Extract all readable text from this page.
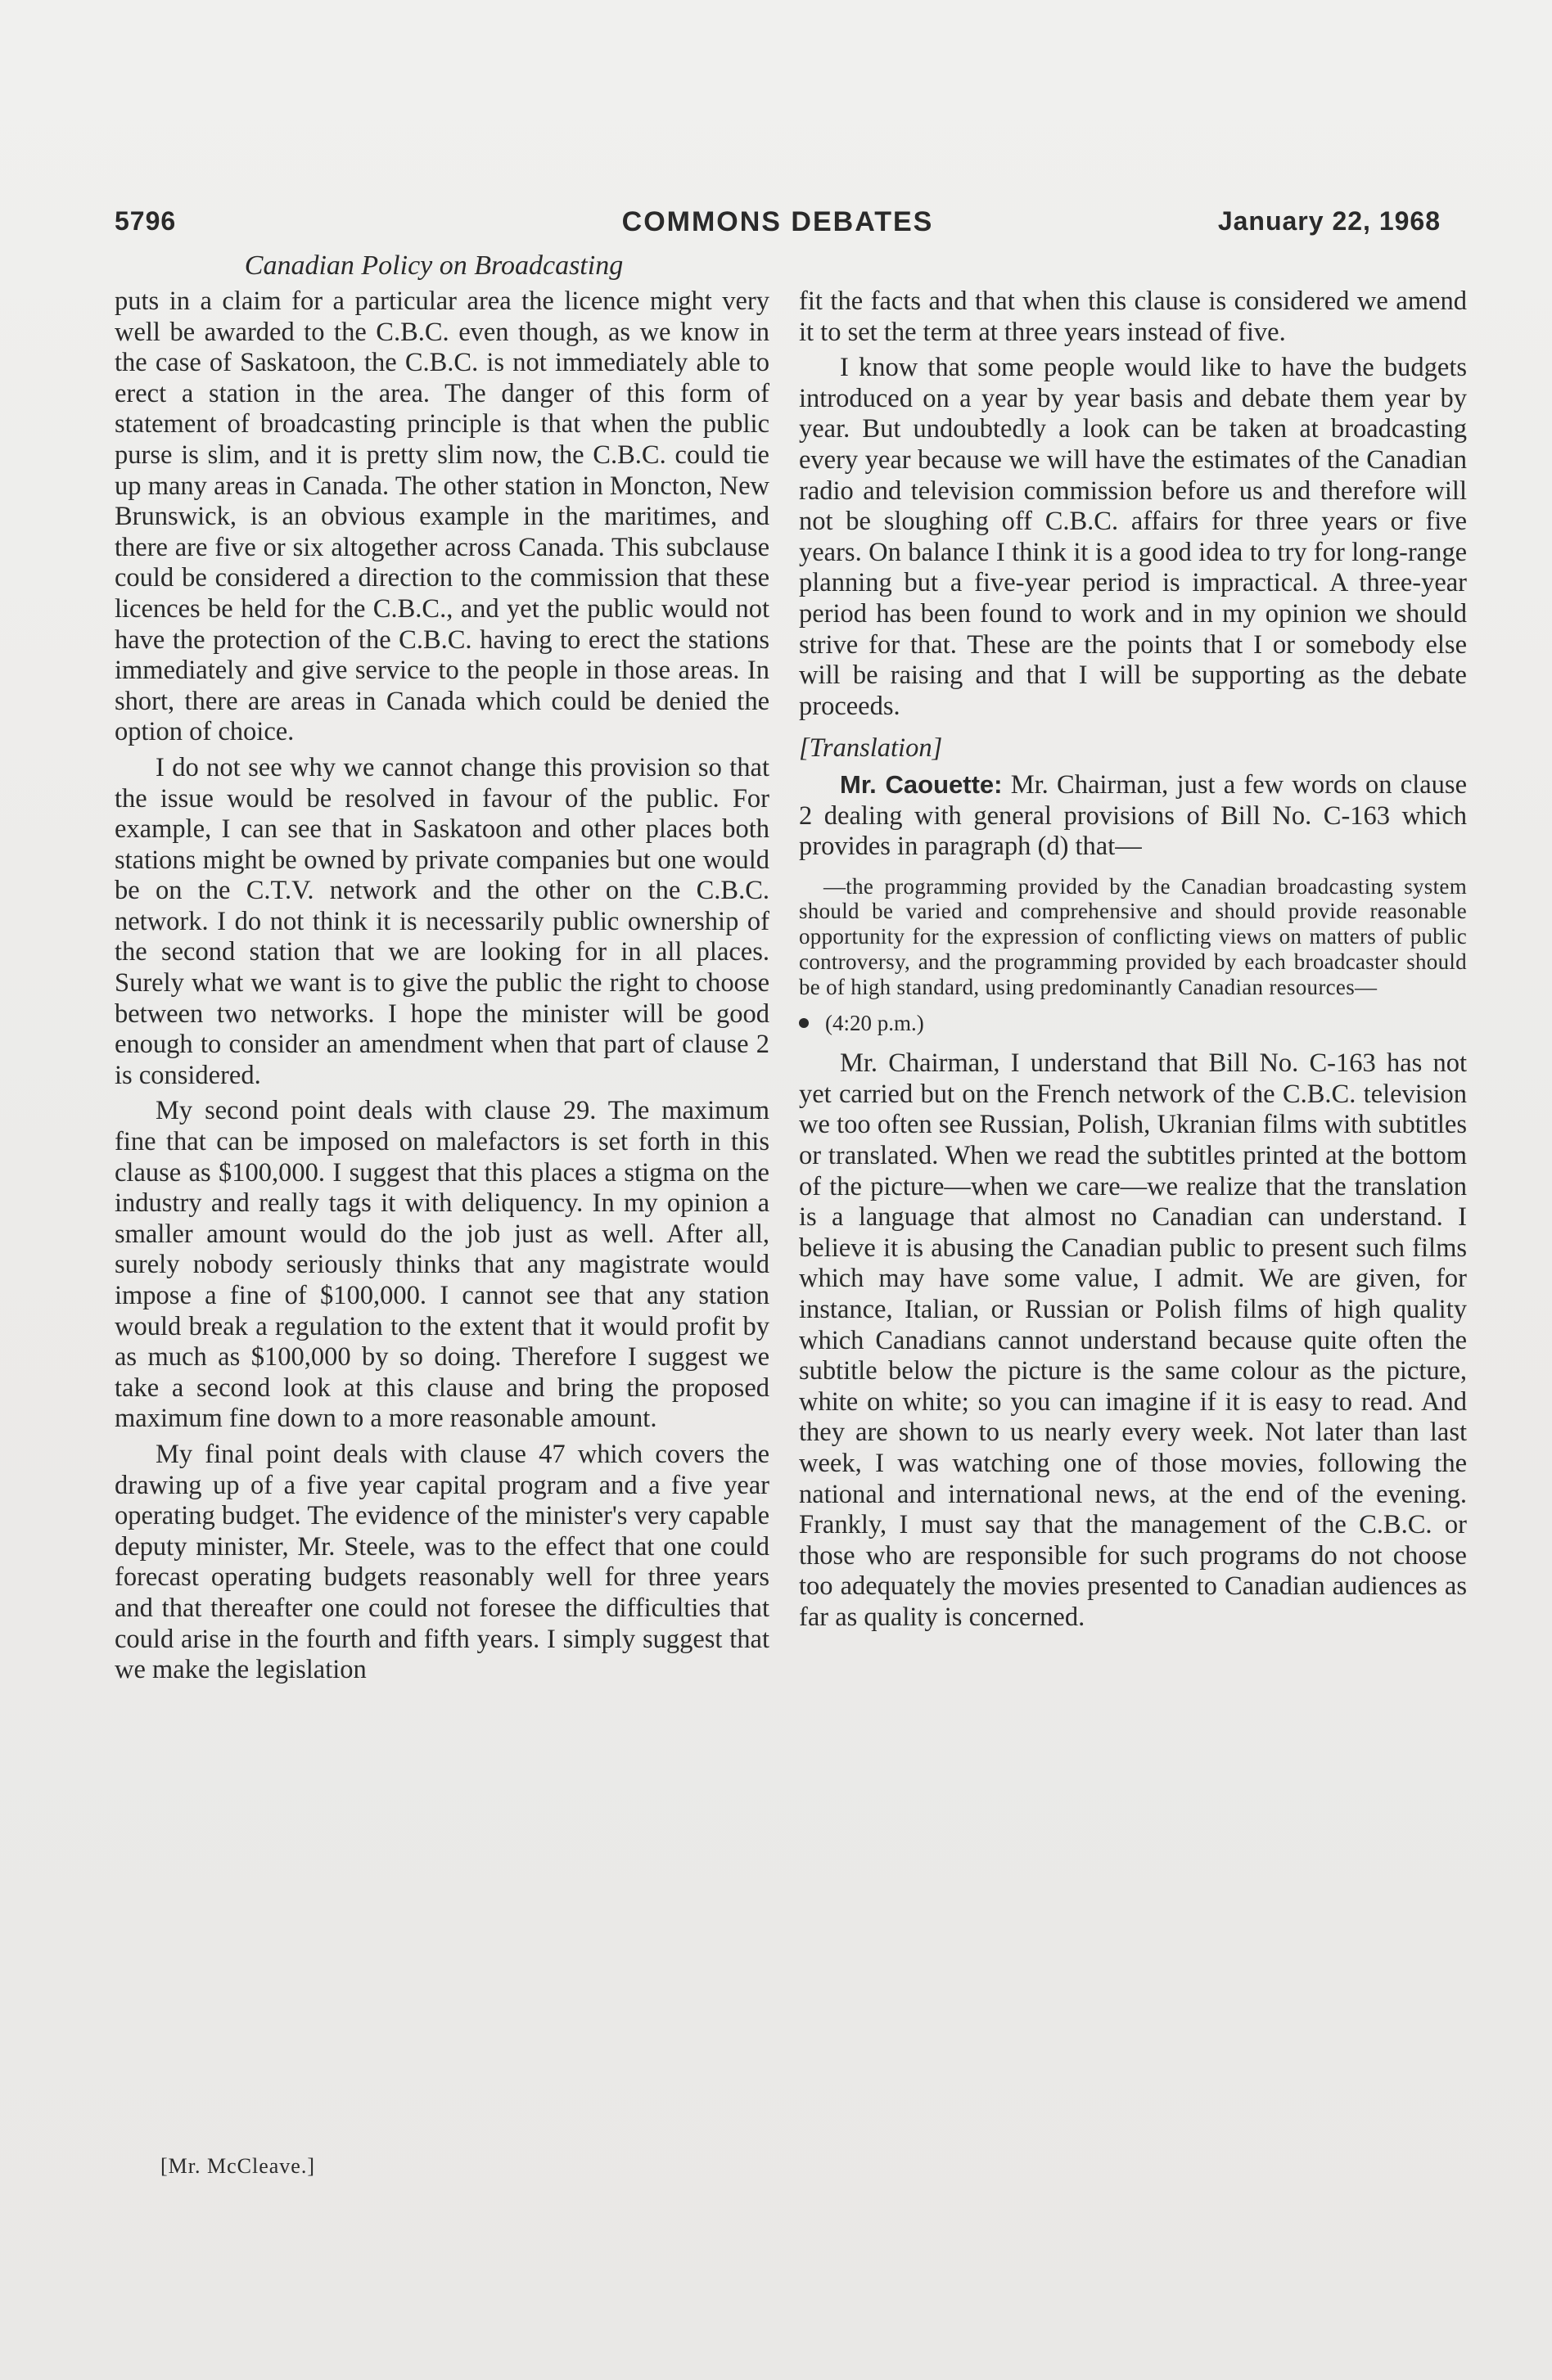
5796	COMMONS DEBATES	January 22, 1968
Canadian Policy on Broadcasting

puts in a claim for a particular area the licence might very well be awarded to the C.B.C. even though, as we know in the case of Saskatoon, the C.B.C. is not immediately able to erect a station in the area. The danger of this form of statement of broadcasting principle is that when the public purse is slim, and it is pretty slim now, the C.B.C. could tie up many areas in Canada. The other station in Moncton, New Brunswick, is an obvious example in the maritimes, and there are five or six altogether across Canada. This subclause could be considered a direction to the commission that these licences be held for the C.B.C., and yet the public would not have the protection of the C.B.C. having to erect the stations immediately and give service to the people in those areas. In short, there are areas in Canada which could be denied the option of choice.

I do not see why we cannot change this provision so that the issue would be resolved in favour of the public. For example, I can see that in Saskatoon and other places both stations might be owned by private companies but one would be on the C.T.V. network and the other on the C.B.C. network. I do not think it is necessarily public ownership of the second station that we are looking for in all places. Surely what we want is to give the public the right to choose between two networks. I hope the minister will be good enough to consider an amendment when that part of clause 2 is considered.

My second point deals with clause 29. The maximum fine that can be imposed on malefactors is set forth in this clause as $100,000. I suggest that this places a stigma on the industry and really tags it with deliquency. In my opinion a smaller amount would do the job just as well. After all, surely nobody seriously thinks that any magistrate would impose a fine of $100,000. I cannot see that any station would break a regulation to the extent that it would profit by as much as $100,000 by so doing. Therefore I suggest we take a second look at this clause and bring the proposed maximum fine down to a more reasonable amount.

My final point deals with clause 47 which covers the drawing up of a five year capital program and a five year operating budget. The evidence of the minister's very capable deputy minister, Mr. Steele, was to the effect that one could forecast operating budgets reasonably well for three years and that thereafter one could not foresee the difficulties that could arise in the fourth and fifth years. I simply suggest that we make the legislation

[Mr. McCleave.]

fit the facts and that when this clause is considered we amend it to set the term at three years instead of five.

I know that some people would like to have the budgets introduced on a year by year basis and debate them year by year. But undoubtedly a look can be taken at broadcasting every year because we will have the estimates of the Canadian radio and television commission before us and therefore will not be sloughing off C.B.C. affairs for three years or five years. On balance I think it is a good idea to try for long-range planning but a five-year period is impractical. A three-year period has been found to work and in my opinion we should strive for that. These are the points that I or somebody else will be raising and that I will be supporting as the debate proceeds.

[Translation]

Mr. Caouette: Mr. Chairman, just a few words on clause 2 dealing with general provisions of Bill No. C-163 which provides in paragraph (d) that—

—the programming provided by the Canadian broadcasting system should be varied and comprehensive and should provide reasonable opportunity for the expression of conflicting views on matters of public controversy, and the programming provided by each broadcaster should be of high standard, using predominantly Canadian resources—

(4:20 p.m.)

Mr. Chairman, I understand that Bill No. C-163 has not yet carried but on the French network of the C.B.C. television we too often see Russian, Polish, Ukranian films with subtitles or translated. When we read the subtitles printed at the bottom of the picture—when we care—we realize that the translation is a language that almost no Canadian can understand. I believe it is abusing the Canadian public to present such films which may have some value, I admit. We are given, for instance, Italian, or Russian or Polish films of high quality which Canadians cannot understand because quite often the subtitle below the picture is the same colour as the picture, white on white; so you can imagine if it is easy to read. And they are shown to us nearly every week. Not later than last week, I was watching one of those movies, following the national and international news, at the end of the evening. Frankly, I must say that the management of the C.B.C. or those who are responsible for such programs do not choose too adequately the movies presented to Canadian audiences as far as quality is concerned.
